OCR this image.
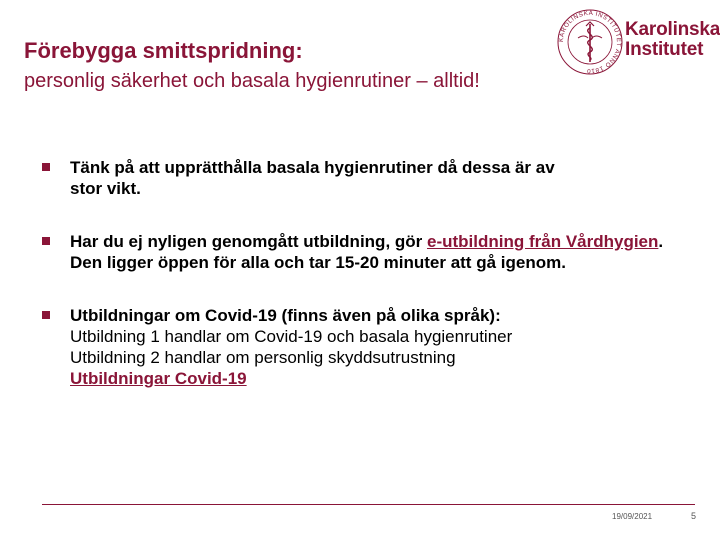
Förebygga smittspridning:
personlig säkerhet och basala hygienrutiner – alltid!
KAROLINSKA INSTITUTET ANNO 1810
Karolinska
Institutet
Tänk på att upprätthålla basala hygienrutiner då dessa är av
stor vikt.
Har du ej nyligen genomgått utbildning, gör e-utbildning från Vårdhygien. Den ligger öppen för alla och tar 15-20 minuter att gå igenom.
Utbildningar om Covid-19 (finns även på olika språk):
Utbildning 1 handlar om Covid-19 och basala hygienrutiner
Utbildning 2 handlar om personlig skyddsutrustning
Utbildningar Covid-19
19/09/2021	5
